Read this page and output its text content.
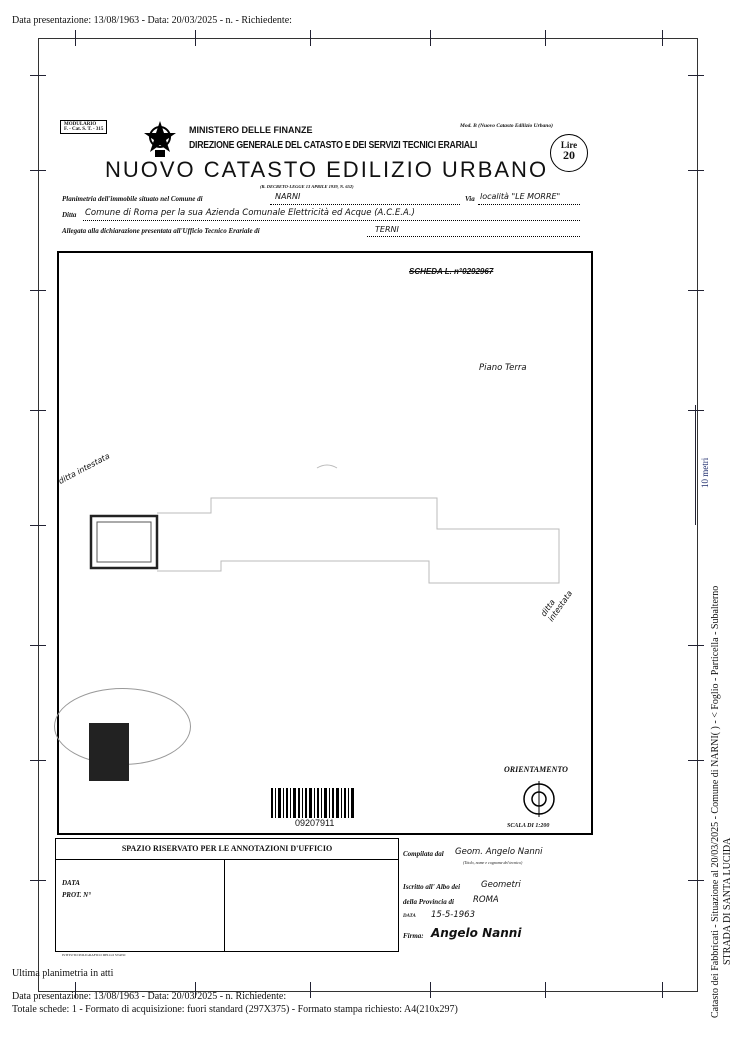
Data presentazione: 13/08/1963 - Data: 20/03/2025 - n. - Richiedente:
10 metri
Catasto dei Fabbricati - Situazione al 20/03/2025 - Comune di NARNI( ) - < Foglio - Particella - Subalterno STRADA DI SANTA LUCIDA
MODULARIO
F. - Cat. S. T. - 315	MINISTERO DELLE FINANZE
DIREZIONE GENERALE DEL CATASTO E DEI SERVIZI TECNICI ERARIALI
Mod. B (Nuovo Catasto Edilizio Urbano)
Lire
20
NUOVO CATASTO EDILIZIO URBANO
(R. DECRETO-LEGGE 13 APRILE 1939, N. 652)
Planimetria dell'immobile situato nel Comune di	NARNI	Via località "LE MORRE"
Ditta Comune di Roma per la sua Azienda Comunale Elettricità ed Acque (A.C.E.A.)
Allegata alla dichiarazione presentata all'Ufficio Tecnico Erariale di	TERNI
SCHEDA L. n°0292967
Piano Terra
ditta intestata
ditta intestata
ORIENTAMENTO
SCALA DI 1:200
09207911
SPAZIO RISERVATO PER LE ANNOTAZIONI D'UFFICIO
DATA
PROT. N°
ISTITUTO POLIGRAFICO DELLO STATO
Compilata dal Geom. Angelo Nanni
(Titolo, nome e cognome del tecnico)
Iscritto all' Albo dei Geometri
della Provincia di ROMA
DATA 15-5-1963
Firma: Angelo Nanni
Ultima planimetria in atti
Data presentazione: 13/08/1963 - Data: 20/03/2025 - n. Richiedente:
Totale schede: 1 - Formato di acquisizione: fuori standard (297X375) - Formato stampa richiesto: A4(210x297)
